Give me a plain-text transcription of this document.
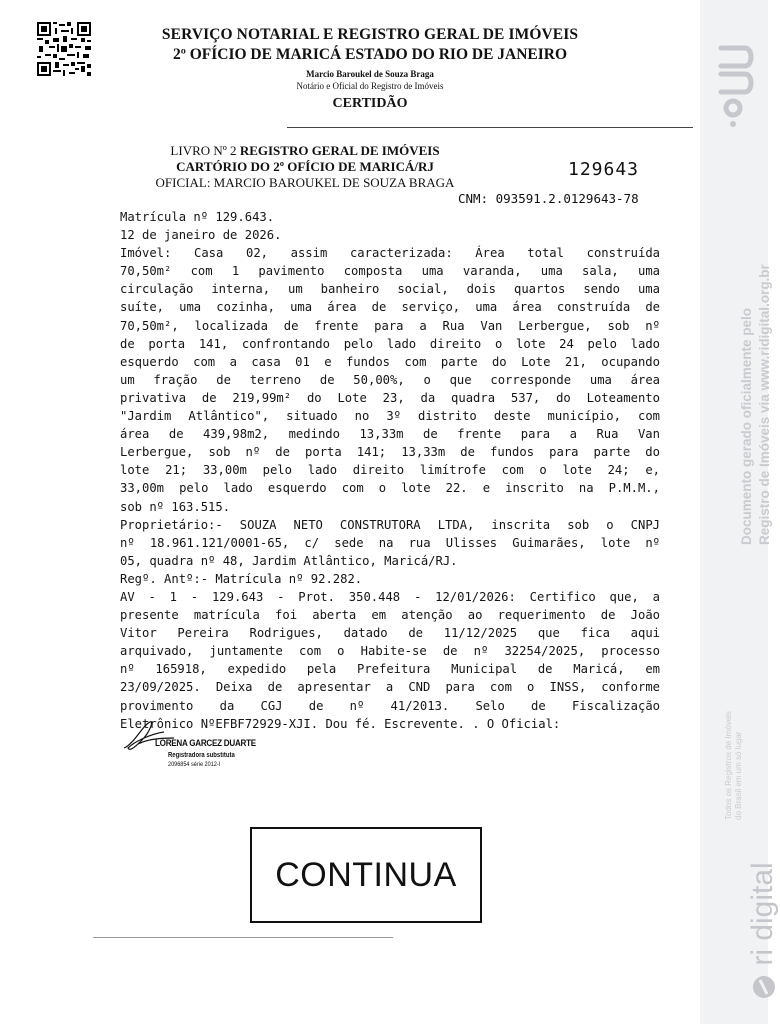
SERVIÇO NOTARIAL E REGISTRO GERAL DE IMÓVEIS
2º OFÍCIO DE MARICÁ ESTADO DO RIO DE JANEIRO
Marcio Baroukel de Souza Braga
Notário e Oficial do Registro de Imóveis
CERTIDÃO
LIVRO Nº 2 REGISTRO GERAL DE IMÓVEIS
CARTÓRIO DO 2º OFÍCIO DE MARICÁ/RJ
OFICIAL: MARCIO BAROUKEL DE SOUZA BRAGA
129643
CNM: 093591.2.0129643-78
Matrícula nº 129.643.
12 de janeiro de 2026.
Imóvel: Casa 02, assim caracterizada: Área total construída
70,50m² com 1 pavimento composta uma varanda, uma sala, uma
circulação interna, um banheiro social, dois quartos sendo uma
suíte, uma cozinha, uma área de serviço, uma área construída de
70,50m², localizada de frente para a Rua Van Lerbergue, sob nº
de porta 141, confrontando pelo lado direito o lote 24 pelo lado
esquerdo com a casa 01 e fundos com parte do Lote 21, ocupando
um fração de terreno de 50,00%, o que corresponde uma área
privativa de 219,99m² do Lote 23, da quadra 537, do Loteamento
"Jardim Atlântico", situado no 3º distrito deste município, com
área de 439,98m2, medindo 13,33m de frente para a Rua Van
Lerbergue, sob nº de porta 141; 13,33m de fundos para parte do
lote 21; 33,00m pelo lado direito limítrofe com o lote 24; e,
33,00m pelo lado esquerdo com o lote 22. e inscrito na P.M.M.,
sob nº 163.515.
Proprietário:- SOUZA NETO CONSTRUTORA LTDA, inscrita sob o CNPJ
nº 18.961.121/0001-65, c/ sede na rua Ulisses Guimarães, lote nº
05, quadra nº 48, Jardim Atlântico, Maricá/RJ.
Regº. Antº:- Matrícula nº 92.282.
AV - 1 - 129.643 - Prot. 350.448 - 12/01/2026: Certifico que, a
presente matrícula foi aberta em atenção ao requerimento de João
Vitor Pereira Rodrigues, datado de 11/12/2025 que fica aqui
arquivado, juntamente com o Habite-se de nº 32254/2025, processo
nº 165918, expedido pela Prefeitura Municipal de Maricá, em
23/09/2025. Deixa de apresentar a CND para com o INSS, conforme
provimento da CGJ de nº 41/2013. Selo de Fiscalização
Eletrônico NºEFBF72929-XJI. Dou fé. Escrevente. . O Oficial:
LORENA GARCEZ DUARTE
Registradora substituta
2096854 série 2012-I
CONTINUA
Documento gerado oficialmente pelo Registro de Imóveis via www.ridigital.org.br
Todos os Registros de Imóveis do Brasil em um só lugar
ri digital
